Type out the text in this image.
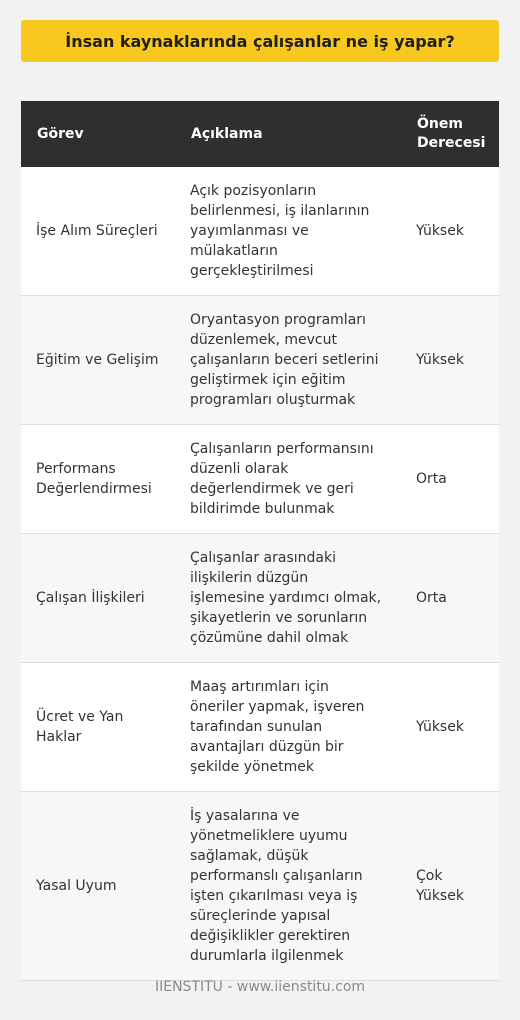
İnsan kaynaklarında çalışanlar ne iş yapar?
Görev	Açıklama	Önem Derecesi
İşe Alım Süreçleri	Açık pozisyonların belirlenmesi, iş ilanlarının yayımlanması ve mülakatların gerçekleştirilmesi	Yüksek
Eğitim ve Gelişim	Oryantasyon programları düzenlemek, mevcut çalışanların beceri setlerini geliştirmek için eğitim programları oluşturmak	Yüksek
Performans Değerlendirmesi	Çalışanların performansını düzenli olarak değerlendirmek ve geri bildirimde bulunmak	Orta
Çalışan İlişkileri	Çalışanlar arasındaki ilişkilerin düzgün işlemesine yardımcı olmak, şikayetlerin ve sorunların çözümüne dahil olmak	Orta
Ücret ve Yan Haklar	Maaş artırımları için öneriler yapmak, işveren tarafından sunulan avantajları düzgün bir şekilde yönetmek	Yüksek
Yasal Uyum	İş yasalarına ve yönetmeliklere uyumu sağlamak, düşük performanslı çalışanların işten çıkarılması veya iş süreçlerinde yapısal değişiklikler gerektiren durumlarla ilgilenmek	Çok Yüksek
IIENSTITU - www.iienstitu.com
